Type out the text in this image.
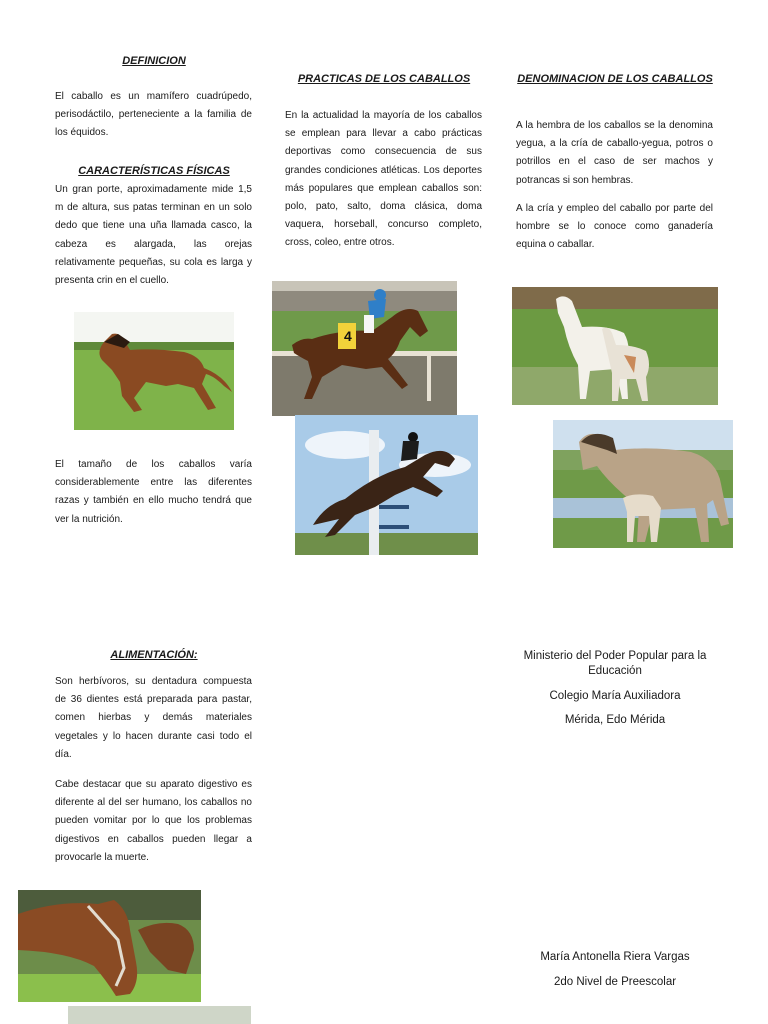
DEFINICION
El caballo es un mamífero cuadrúpedo, perisodáctilo, perteneciente a la familia de los équidos.
CARACTERÍSTICAS FÍSICAS
Un gran porte, aproximadamente mide 1,5 m de altura, sus patas terminan en un solo dedo que tiene una uña llamada casco, la cabeza es alargada, las orejas relativamente pequeñas, su cola es larga y presenta crin en el cuello.
El tamaño de los caballos varía considerablemente entre las diferentes razas y también en ello mucho tendrá que ver la nutrición.
PRACTICAS DE LOS CABALLOS
En la actualidad la mayoría de los caballos se emplean para llevar a cabo prácticas deportivas como consecuencia de sus grandes condiciones atléticas. Los deportes más populares que emplean caballos son: polo, pato, salto, doma clásica, doma vaquera, horseball, concurso completo, cross, coleo, entre otros.
4
DENOMINACION DE LOS CABALLOS
A la hembra de los caballos se la denomina yegua, a la cría de caballo-yegua, potros o potrillos en el caso de ser machos y potrancas si son hembras.
A la cría y empleo del caballo por parte del hombre se lo conoce como ganadería equina o caballar.
ALIMENTACIÓN:
Son herbívoros, su dentadura compuesta de 36 dientes está preparada para pastar, comen hierbas y demás materiales vegetales y lo hacen durante casi todo el día.
Cabe destacar que su aparato digestivo es diferente al del ser humano, los caballos no pueden vomitar por lo que los problemas digestivos en caballos pueden llegar a provocarle la muerte.
Ministerio del Poder Popular para la Educación
Colegio María Auxiliadora
Mérida, Edo Mérida
María Antonella Riera Vargas
2do Nivel de Preescolar
